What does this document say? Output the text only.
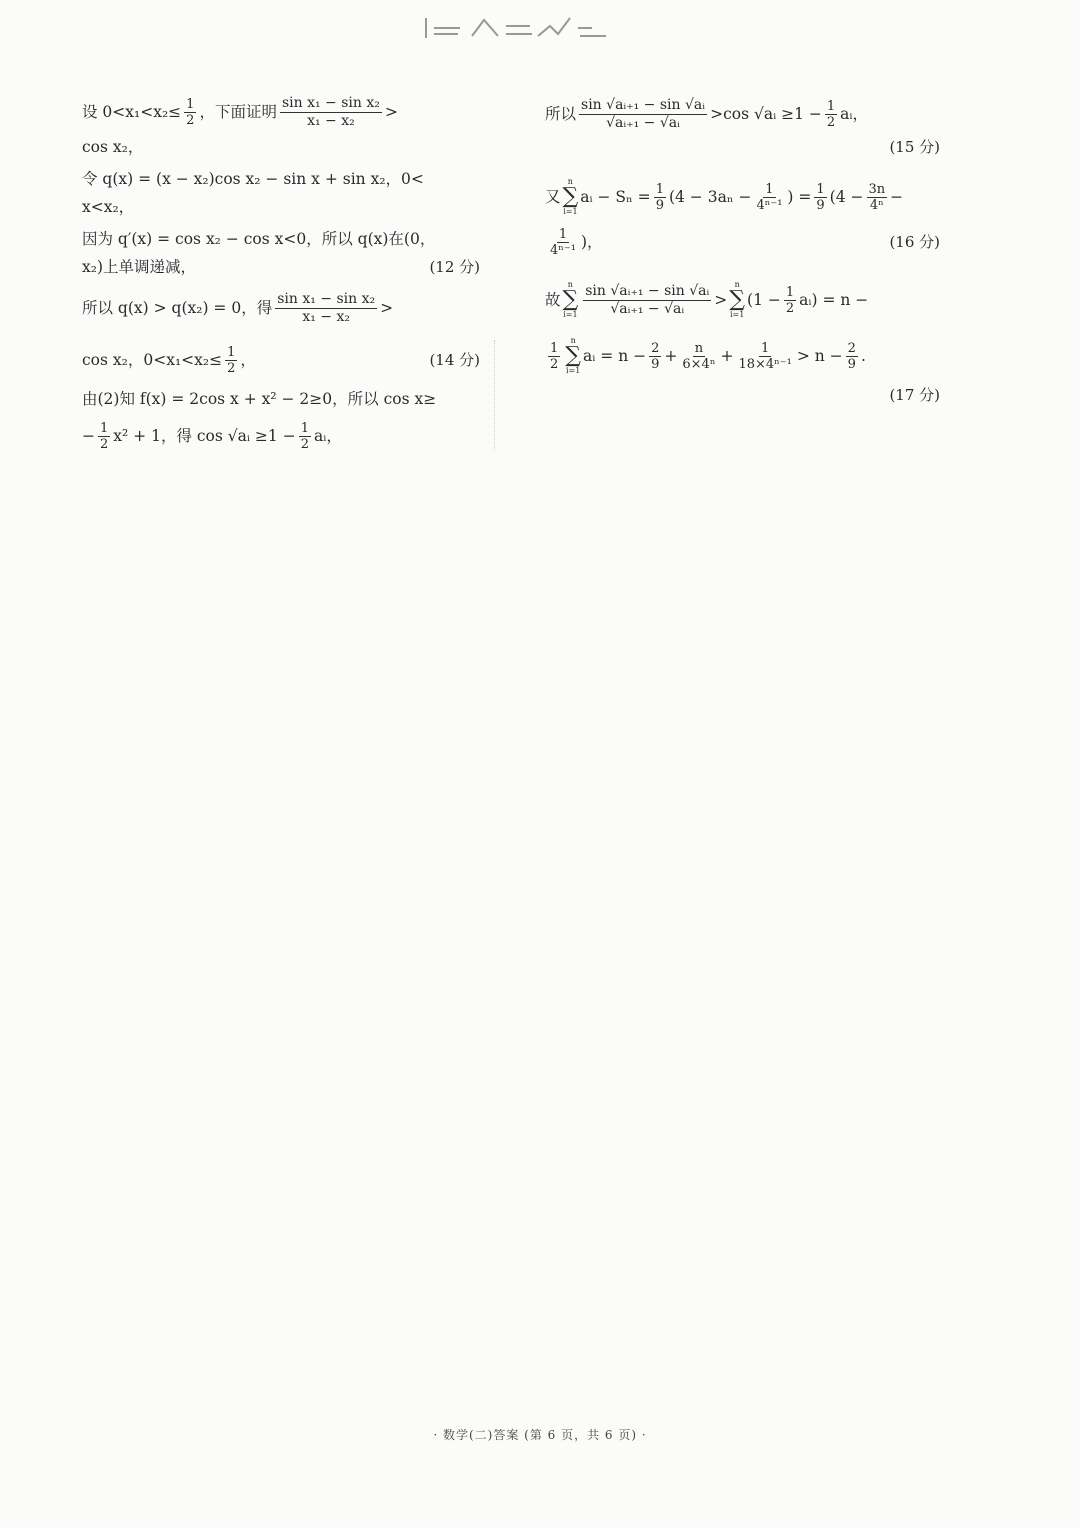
设 $0<x_1<x_2\le \frac{1}{2}$ ，下面证明 $\frac{\text{sin x₁ − sin x₂}}{\text{x₁ − x₂}}$ >
cos x₂，
令 q(x) = (x − x₂)cos x₂ − sin x + sin x₂，0<
x<x₂，
因为 q′(x) = cos x₂ − cos x<0，所以 q(x)在(0，
x₂)上单调递减，	(12 分)
所以 q(x) > q(x₂) = 0，得 $\frac{\text{sin x₁ − sin x₂}}{\text{x₁ − x₂}}$ >
cos x₂，$0<x_1<x_2\le \frac{1}{2}$ ，	(14 分)
由(2)知 f(x) = 2cos x + x² − 2≥0，所以 cos x≥
− $\frac{1}{2} x^2 + 1$，得 cos √aᵢ $\ge 1 - \frac{1}{2}$ aᵢ，
所以 $\frac{\text{sin √aᵢ₊₁ − sin √aᵢ}}{\text{√aᵢ₊₁ − √aᵢ}} >\cos$ √aᵢ $\ge 1 - \frac{1}{2}$ aᵢ，
(15 分)
又
n
∑
i=1
aᵢ − $S_n = \frac{1}{9} (4 - 3a_n - \frac{1}{\text{4ⁿ⁻¹}}$ ) = $\frac{1}{9} (4 - \frac{3n}{\text{4ⁿ}}$ −
$\frac{1}{\text{4ⁿ⁻¹}}$ )，	(16 分)
故
n
∑
$i=1 \frac{\text{sin √aᵢ₊₁ − sin √aᵢ}}{\text{√aᵢ₊₁ − √aᵢ}}$ >
n
∑
i=1
($1 - \frac{1}{2}$ aᵢ) = n −
$\frac{1}{2}$ n
∑
i=1
aᵢ = $n - \frac{2}{9} + \frac{n}{\text{6×4ⁿ}} + \frac{1}{\text{18×4ⁿ⁻¹}} > n - \frac{2}{9}$ .
(17 分)
· 数学(二)答案 (第 6 页，共 6 页) ·
